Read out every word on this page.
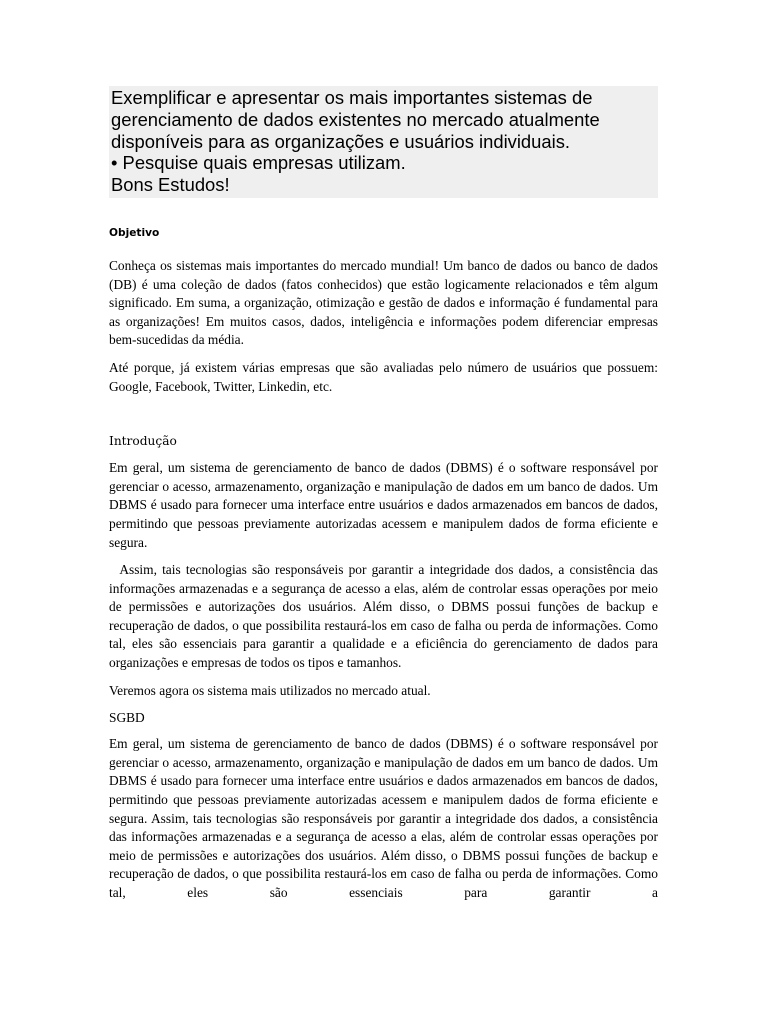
Exemplificar e apresentar os mais importantes sistemas de
gerenciamento de dados existentes no mercado atualmente
disponíveis para as organizações e usuários individuais.
• Pesquise quais empresas utilizam.
Bons Estudos!
Objetivo

Conheça os sistemas mais importantes do mercado mundial! Um banco de dados ou banco de dados (DB) é uma coleção de dados (fatos conhecidos) que estão logicamente relacionados e têm algum significado. Em suma, a organização, otimização e gestão de dados e informação é fundamental para as organizações! Em muitos casos, dados, inteligência e informações podem diferenciar empresas bem-sucedidas da média.

Até porque, já existem várias empresas que são avaliadas pelo número de usuários que possuem: Google, Facebook, Twitter, Linkedin, etc.

Introdução

Em geral, um sistema de gerenciamento de banco de dados (DBMS) é o software responsável por gerenciar o acesso, armazenamento, organização e manipulação de dados em um banco de dados. Um DBMS é usado para fornecer uma interface entre usuários e dados armazenados em bancos de dados, permitindo que pessoas previamente autorizadas acessem e manipulem dados de forma eficiente e segura.

Assim, tais tecnologias são responsáveis por garantir a integridade dos dados, a consistência das informações armazenadas e a segurança de acesso a elas, além de controlar essas operações por meio de permissões e autorizações dos usuários. Além disso, o DBMS possui funções de backup e recuperação de dados, o que possibilita restaurá-los em caso de falha ou perda de informações. Como tal, eles são essenciais para garantir a qualidade e a eficiência do gerenciamento de dados para organizações e empresas de todos os tipos e tamanhos.

Veremos agora os sistema mais utilizados no mercado atual.

SGBD

Em geral, um sistema de gerenciamento de banco de dados (DBMS) é o software responsável por gerenciar o acesso, armazenamento, organização e manipulação de dados em um banco de dados. Um DBMS é usado para fornecer uma interface entre usuários e dados armazenados em bancos de dados, permitindo que pessoas previamente autorizadas acessem e manipulem dados de forma eficiente e segura. Assim, tais tecnologias são responsáveis por garantir a integridade dos dados, a consistência das informações armazenadas e a segurança de acesso a elas, além de controlar essas operações por meio de permissões e autorizações dos usuários. Além disso, o DBMS possui funções de backup e recuperação de dados, o que possibilita restaurá-los em caso de falha ou perda de informações. Como tal, eles são essenciais para garantir a
